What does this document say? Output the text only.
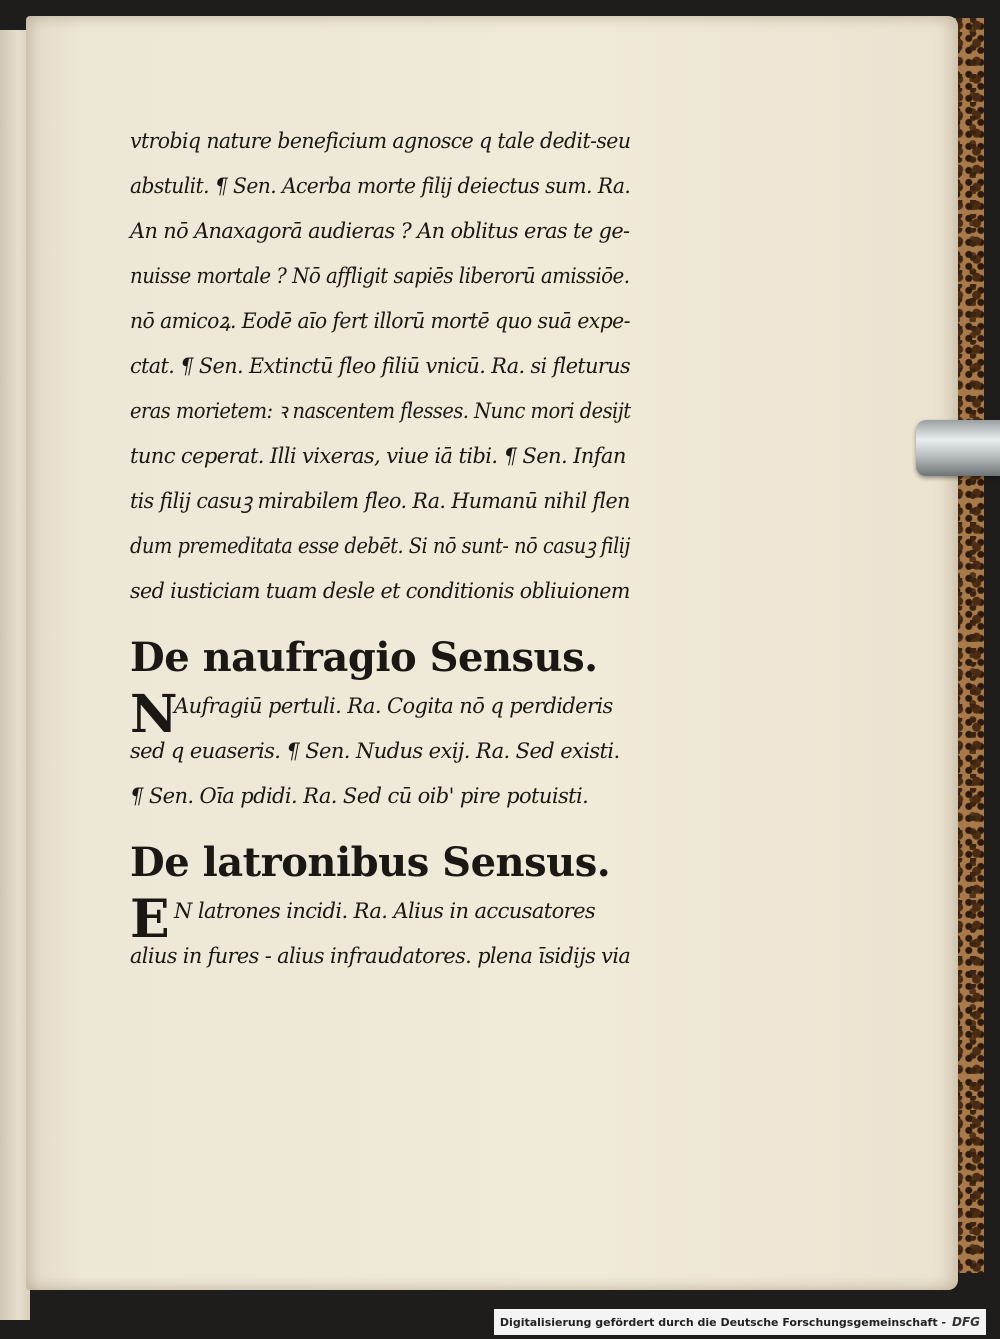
vtrobiq nature beneficium agnosce q tale dedit-seu
abstulit. ¶ Sen. Acerba morte filij deiectus sum. Ra.
An nō Anaxagorā audieras ? An oblitus eras te ge-
nuisse mortale ? Nō affligit sapiēs liberorū amissiōe.
nō amicoꝝ. Eodē aīo fert illorū mortē quo suā expe-
ctat. ¶ Sen. Extinctū fleo filiū vnicū. Ra. si fleturus
eras morietem: ꝛ nascentem flesses. Nunc mori desijt
tunc ceperat. Illi vixeras, viue iā tibi. ¶ Sen. Infan
tis filij casuꝫ mirabilem fleo. Ra. Humanū nihil flen
dum premeditata esse debēt. Si nō sunt- nō casuꝫ filij
sed iusticiam tuam desle et conditionis obliuionem
De naufragio Sensus.
N
Aufragiū pertuli. Ra. Cogita nō q perdideris
sed q euaseris. ¶ Sen. Nudus exij. Ra. Sed existi.
¶ Sen. Oīa pdidi. Ra. Sed cū oib' pire potuisti.
De latronibus Sensus.
E N latrones incidi. Ra. Alius in accusatores
alius in fures - alius infraudatores. plena īsidijs via
Digitalisierung gefördert durch die Deutsche Forschungsgemeinschaft - DFG
